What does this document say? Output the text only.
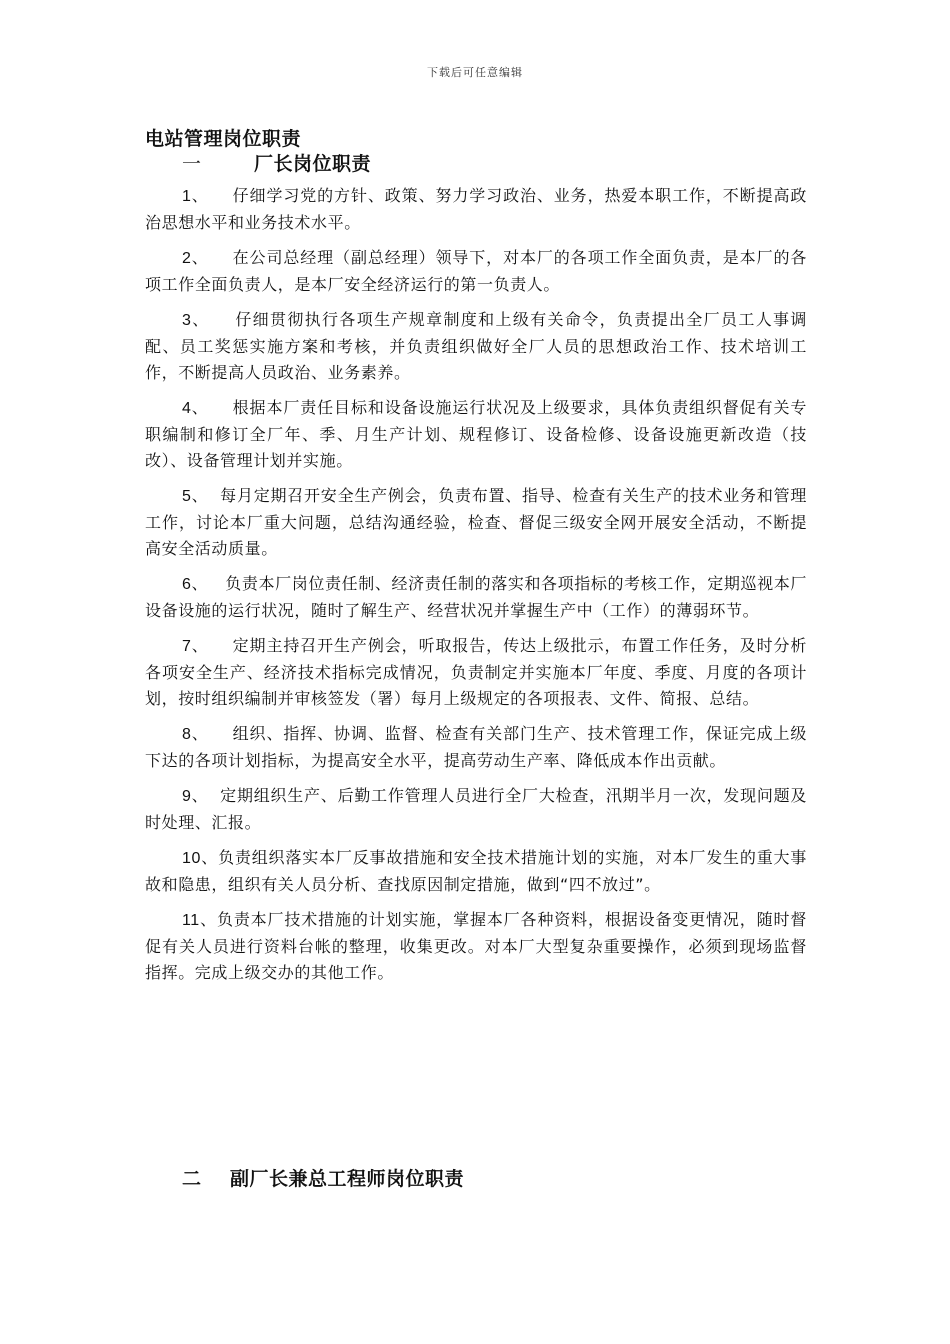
下载后可任意编辑
电站管理岗位职责
一	厂长岗位职责
1、 仔细学习党的方针、政策、努力学习政治、业务，热爱本职工作，不断提高政治思想水平和业务技术水平。
2、 在公司总经理（副总经理）领导下，对本厂的各项工作全面负责，是本厂的各项工作全面负责人，是本厂安全经济运行的第一负责人。
3、 仔细贯彻执行各项生产规章制度和上级有关命令，负责提出全厂员工人事调配、员工奖惩实施方案和考核，并负责组织做好全厂人员的思想政治工作、技术培训工作，不断提高人员政治、业务素养。
4、 根据本厂责任目标和设备设施运行状况及上级要求，具体负责组织督促有关专职编制和修订全厂年、季、月生产计划、规程修订、设备检修、设备设施更新改造（技改）、设备管理计划并实施。
5、 每月定期召开安全生产例会，负责布置、指导、检查有关生产的技术业务和管理工作，讨论本厂重大问题，总结沟通经验，检查、督促三级安全网开展安全活动，不断提高安全活动质量。
6、 负责本厂岗位责任制、经济责任制的落实和各项指标的考核工作，定期巡视本厂设备设施的运行状况，随时了解生产、经营状况并掌握生产中（工作）的薄弱环节。
7、 定期主持召开生产例会，听取报告，传达上级批示，布置工作任务，及时分析各项安全生产、经济技术指标完成情况，负责制定并实施本厂年度、季度、月度的各项计划，按时组织编制并审核签发（署）每月上级规定的各项报表、文件、简报、总结。
8、 组织、指挥、协调、监督、检查有关部门生产、技术管理工作，保证完成上级下达的各项计划指标，为提高安全水平，提高劳动生产率、降低成本作出贡献。
9、 定期组织生产、后勤工作管理人员进行全厂大检查，汛期半月一次，发现问题及时处理、汇报。
10、负责组织落实本厂反事故措施和安全技术措施计划的实施，对本厂发生的重大事故和隐患，组织有关人员分析、查找原因制定措施，做到“四不放过”。
11、负责本厂技术措施的计划实施，掌握本厂各种资料，根据设备变更情况，随时督促有关人员进行资料台帐的整理，收集更改。对本厂大型复杂重要操作，必须到现场监督指挥。完成上级交办的其他工作。
二 副厂长兼总工程师岗位职责
